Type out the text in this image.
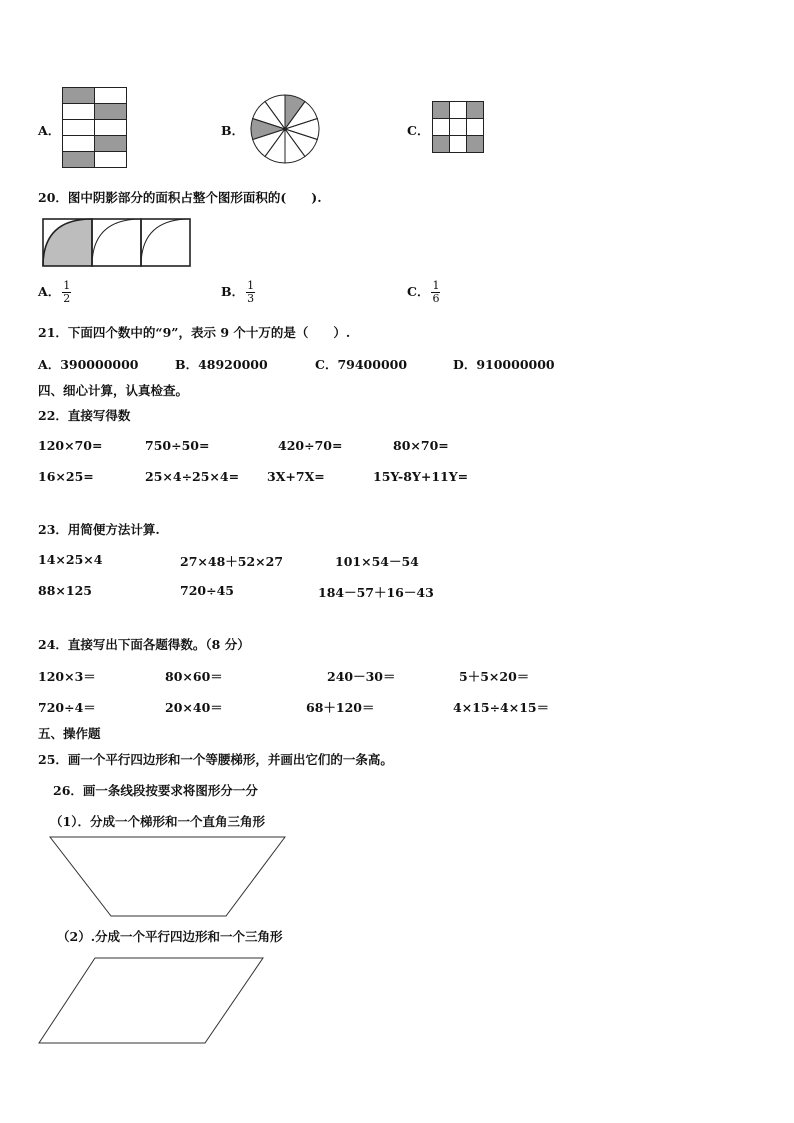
A．	B．	C．
20．图中阴影部分的面积占整个图形面积的(　　).
A． $\frac{1}{2}$	B． $\frac{1}{3}$	C． $\frac{1}{6}$
21．下面四个数中的“9”，表示 9 个十万的是（　　）.
A．390000000	B．48920000	C．79400000	D．910000000
四、细心计算，认真检查。
22．直接写得数
120×70=	750÷50=	420÷70=	80×70=
16×25=	25×4÷25×4= 3X+7X=	15Y-8Y+11Y=
23．用简便方法计算.
14×25×4	27×48＋52×27	101×54－54
88×125	720÷45	184－57＋16－43
24．直接写出下面各题得数。（8 分）
120×3＝	80×60＝	240－30＝	5＋5×20＝
720÷4＝	20×40＝	68＋120＝	4×15÷4×15＝
五、操作题
25．画一个平行四边形和一个等腰梯形，并画出它们的一条高。
26．画一条线段按要求将图形分一分
（1）．分成一个梯形和一个直角三角形
（2）.分成一个平行四边形和一个三角形
